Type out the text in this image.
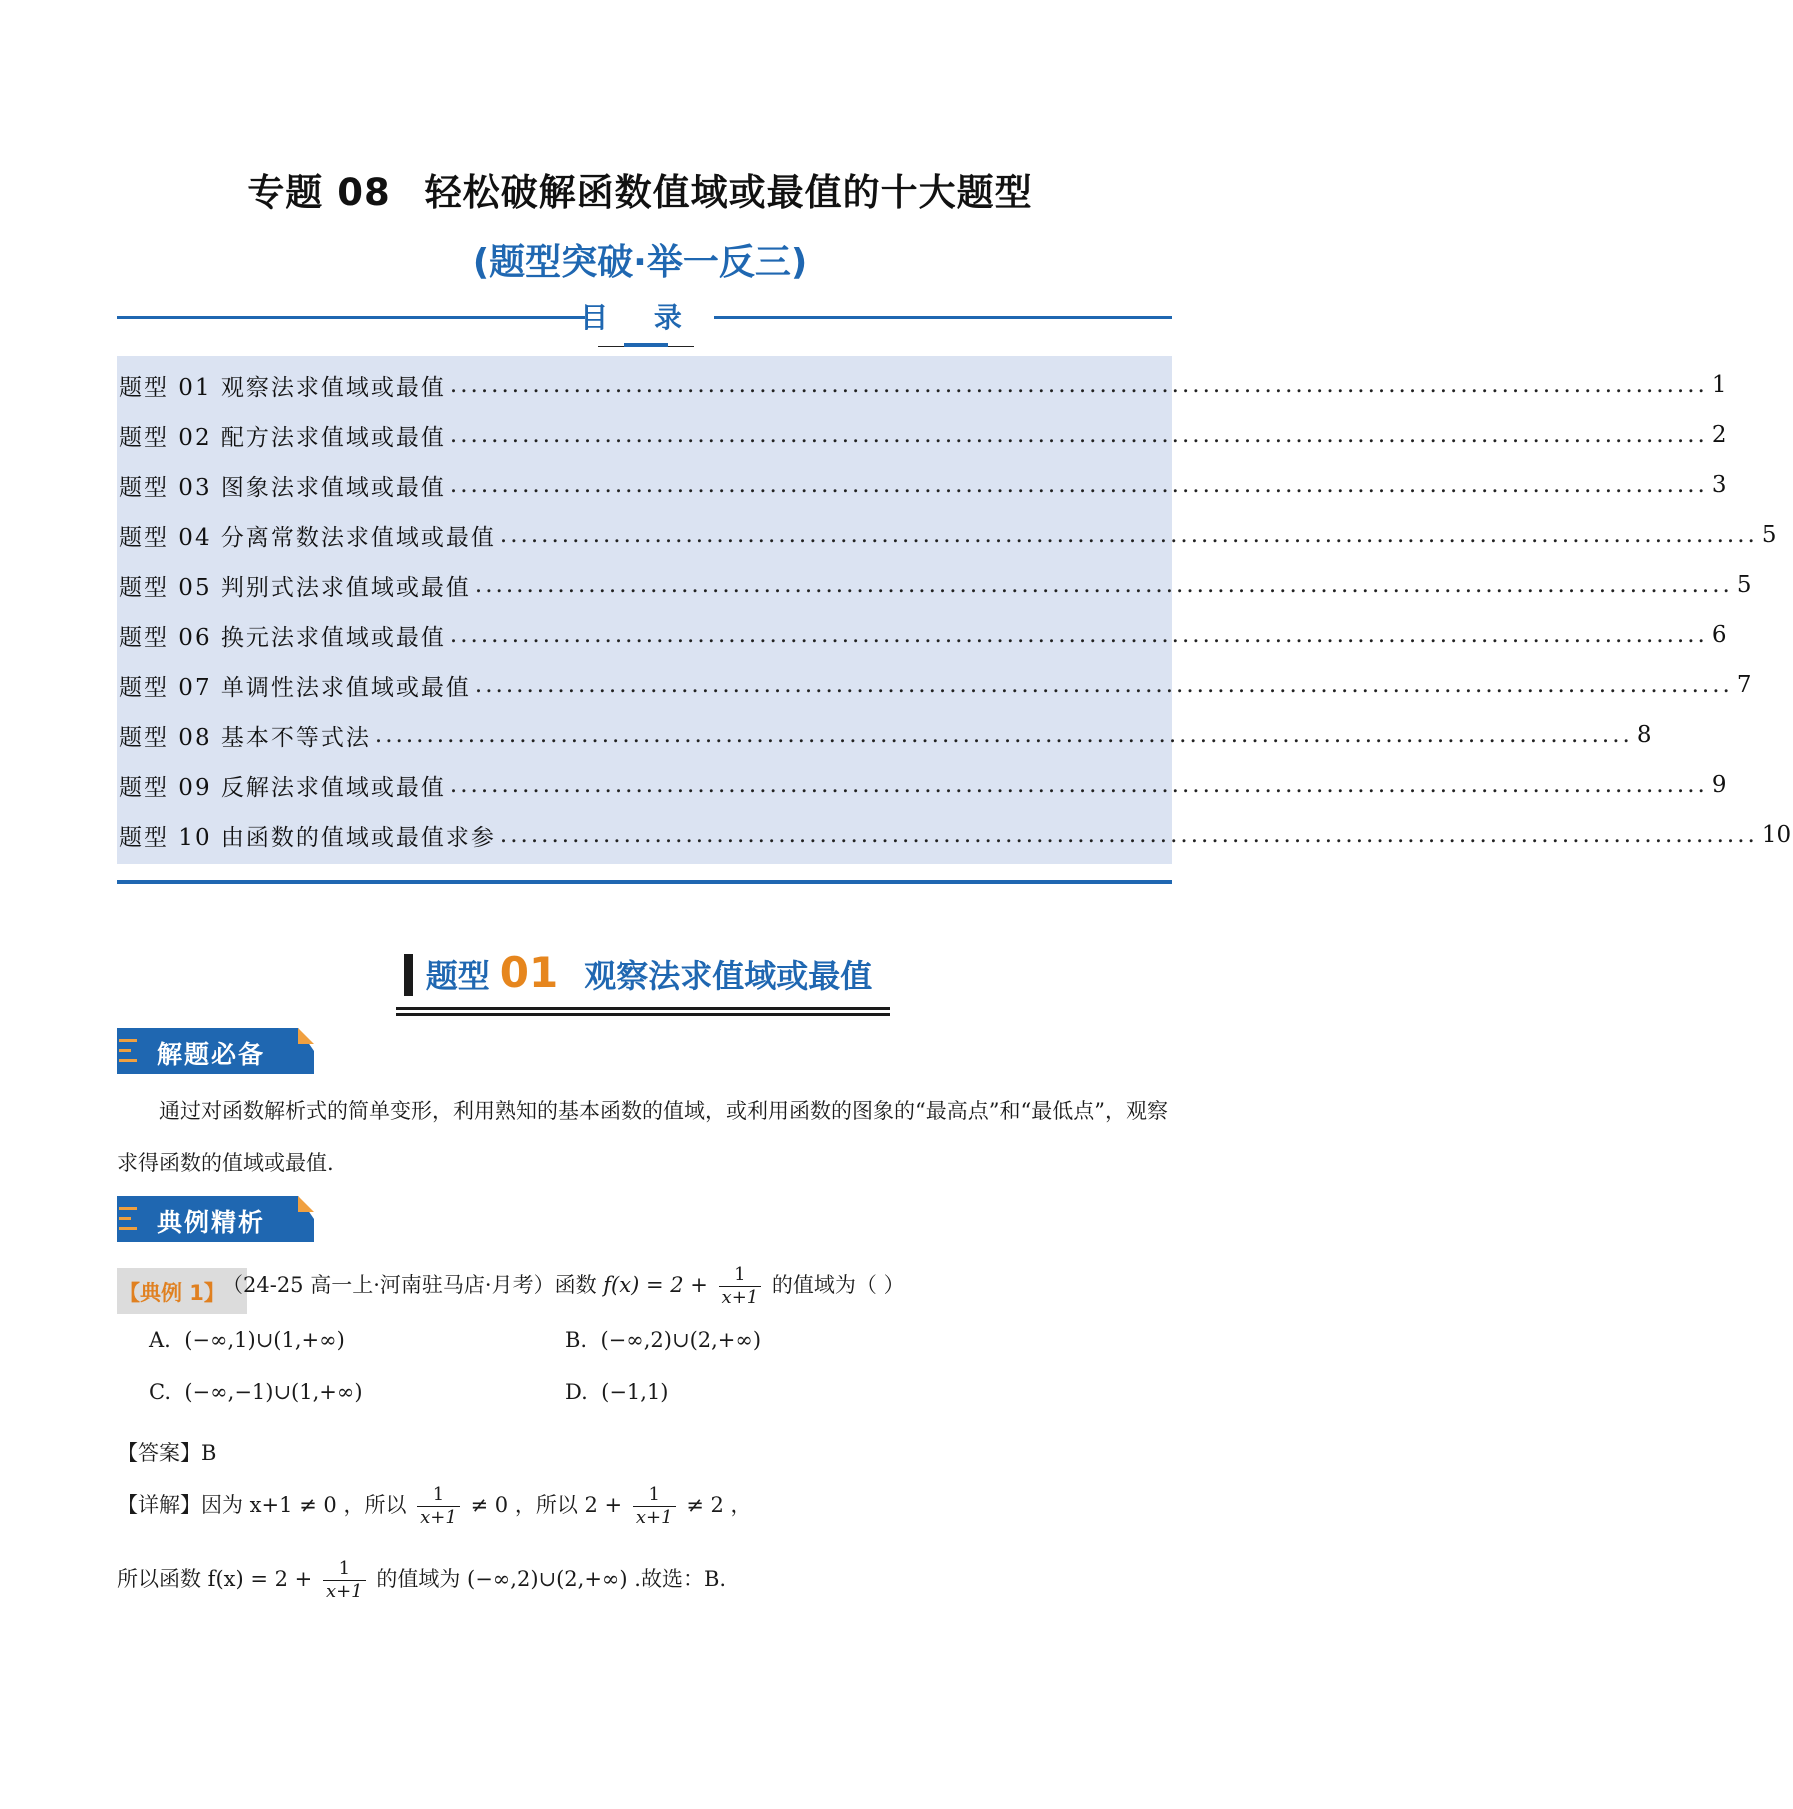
专题 08 轻松破解函数值域或最值的十大题型
(题型突破·举一反三)
目 录
题型 01 观察法求值域或最值 .......................................................................................................................... 1
题型 02 配方法求值域或最值 .......................................................................................................................... 2
题型 03 图象法求值域或最值 .......................................................................................................................... 3
题型 04 分离常数法求值域或最值 .......................................................................................................................... 5
题型 05 判别式法求值域或最值 .......................................................................................................................... 5
题型 06 换元法求值域或最值 .......................................................................................................................... 6
题型 07 单调性法求值域或最值 .......................................................................................................................... 7
题型 08 基本不等式法 .......................................................................................................................... 8
题型 09 反解法求值域或最值 .......................................................................................................................... 9
题型 10 由函数的值域或最值求参 .......................................................................................................................... 10
题型 01 观察法求值域或最值
解题必备
通过对函数解析式的简单变形，利用熟知的基本函数的值域，或利用函数的图象的“最高点”和“最低点”，观察求得函数的值域或最值.
典例精析
【典例 1】
（24-25 高一上·河南驻马店·月考）函数 $f(x) = 2 + \frac{1}{x+1}$ 的值域为（ ）
A. (−∞,1)∪(1,+∞)	B. (−∞,2)∪(2,+∞)
C. (−∞,−1)∪(1,+∞)	D. (−1,1)
【答案】B
【详解】因为 x+1 ≠ 0 ，所以 $\frac{1}{x+1} \ne 0$ ，所以 $2 + \frac{1}{x+1} \ne 2$ ，
所以函数 $f(x) = 2 + \frac{1}{x+1}$ 的值域为 (−∞,2)∪(2,+∞) .故选：B.
